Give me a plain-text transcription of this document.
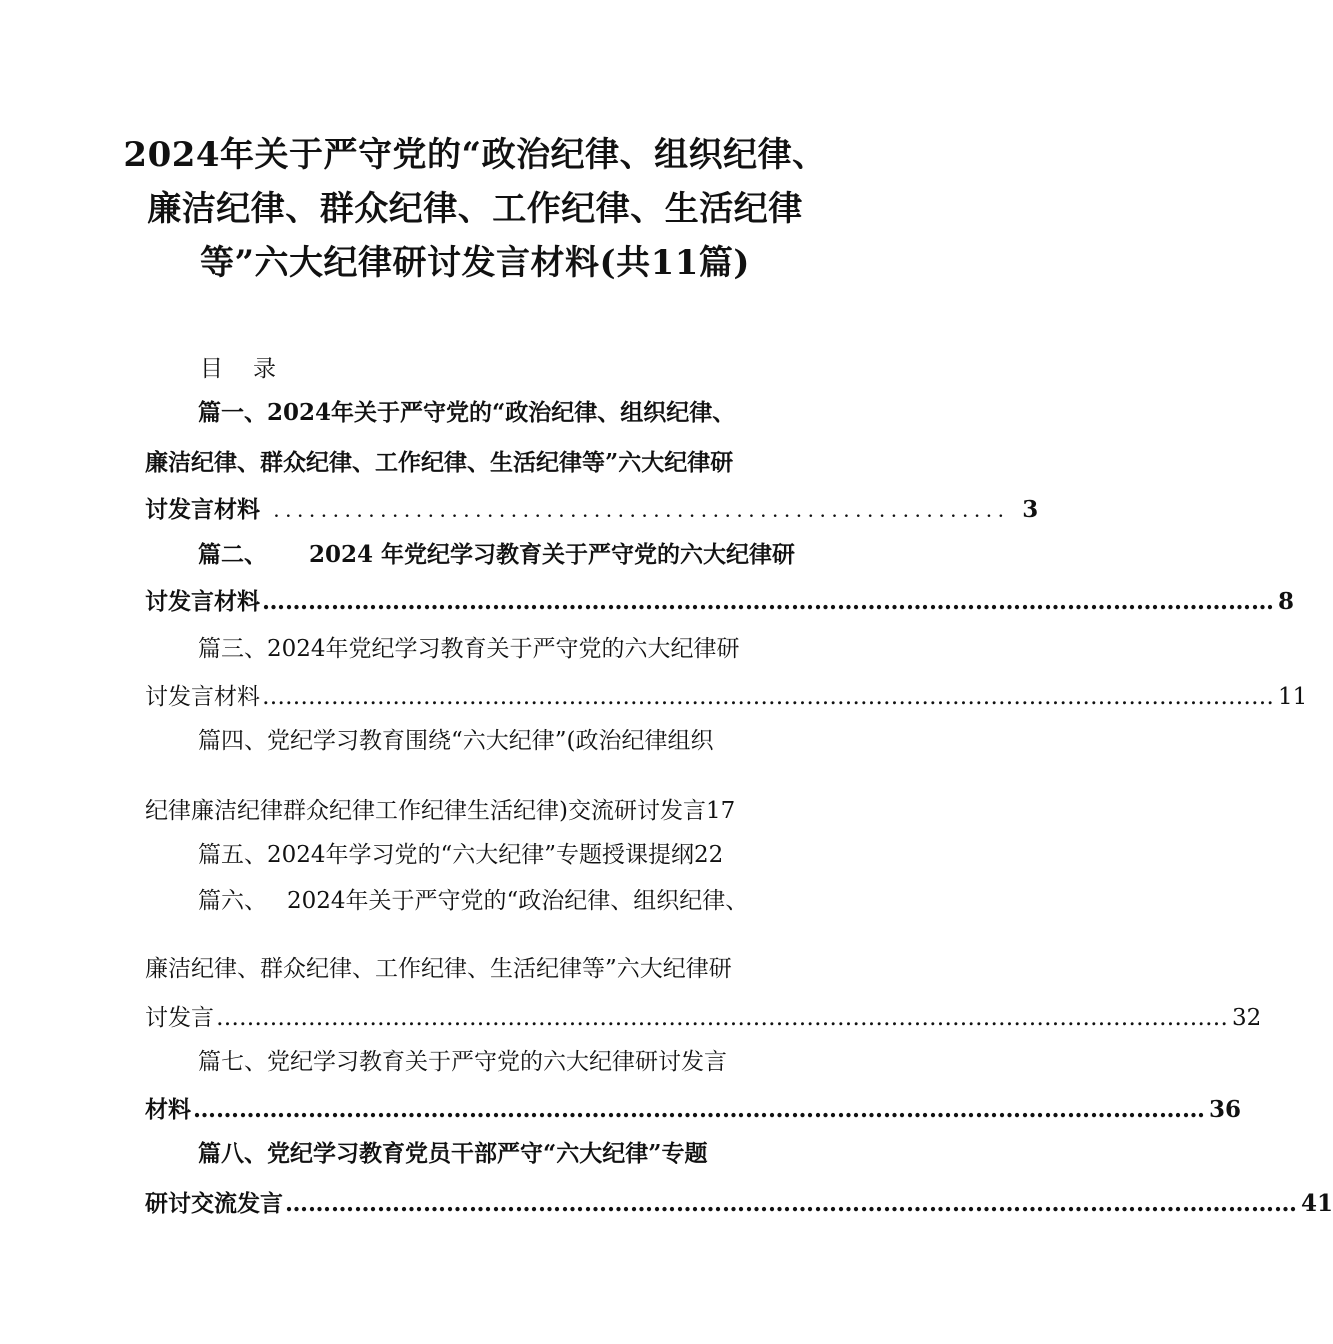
2024年关于严守党的“政治纪律、组织纪律、
廉洁纪律、群众纪律、工作纪律、生活纪律
等”六大纪律研讨发言材料(共11篇)
目 录
篇一、2024年关于严守党的“政治纪律、组织纪律、
廉洁纪律、群众纪律、工作纪律、生活纪律等”六大纪律研
讨发言材料 .............................................................. 3
篇二、 2024 年党纪学习教育关于严守党的六大纪律研
讨发言材料 …………………………………………………………………………………………………………………… 8
篇三、2024年党纪学习教育关于严守党的六大纪律研
讨发言材料 …………………………………………………………………………………………………………………… 11
篇四、党纪学习教育围绕“六大纪律”(政治纪律组织
纪律廉洁纪律群众纪律工作纪律生活纪律)交流研讨发言17
篇五、2024年学习党的“六大纪律”专题授课提纲22
篇六、 2024年关于严守党的“政治纪律、组织纪律、
廉洁纪律、群众纪律、工作纪律、生活纪律等”六大纪律研
讨发言 …………………………………………………………………………………………………………………… 32
篇七、党纪学习教育关于严守党的六大纪律研讨发言
材料 …………………………………………………………………………………………………………………… 36
篇八、党纪学习教育党员干部严守“六大纪律”专题
研讨交流发言 …………………………………………………………………………………………………………………… 41
